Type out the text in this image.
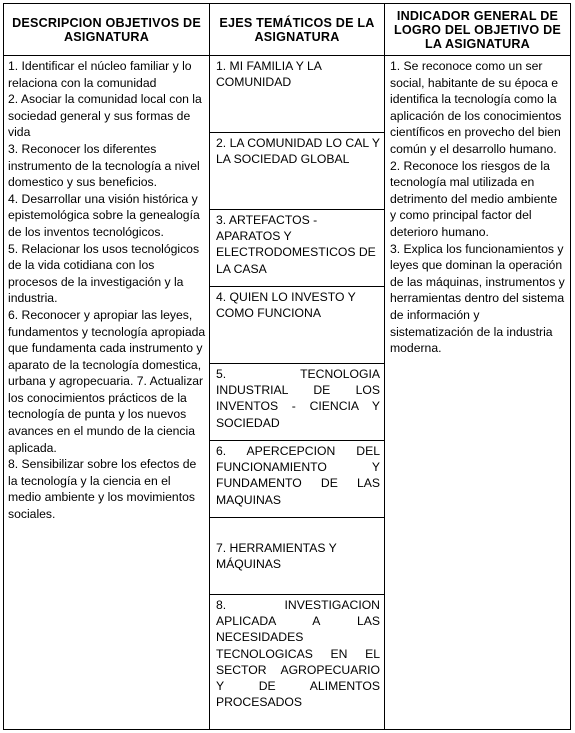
DESCRIPCION OBJETIVOS DE ASIGNATURA

1. Identificar el núcleo familiar y lo relaciona con la comunidad

2. Asociar la comunidad local con la sociedad general y sus formas de vida

3. Reconocer los diferentes instrumento de la tecnología a nivel domestico y sus beneficios.

4. Desarrollar una visión histórica y epistemológica sobre la genealogía de los inventos tecnológicos.

5. Relacionar los usos tecnológicos de la vida cotidiana con los procesos de la investigación y la industria.

6. Reconocer y apropiar las leyes, fundamentos y tecnología apropiada que fundamenta cada instrumento y aparato de la tecnología domestica, urbana y agropecuaria. 7. Actualizar los conocimientos prácticos de la tecnología de punta y los nuevos avances en el mundo de la ciencia aplicada.

8. Sensibilizar sobre los efectos de la tecnología y la ciencia en el medio ambiente y los movimientos sociales.

EJES TEMÁTICOS DE LA ASIGNATURA
1. MI FAMILIA Y LA COMUNIDAD
2. LA COMUNIDAD LO CAL Y LA SOCIEDAD GLOBAL
3. ARTEFACTOS - APARATOS Y ELECTRODOMESTICOS DE LA CASA
4. QUIEN LO INVESTO Y COMO FUNCIONA
5. TECNOLOGIA INDUSTRIAL DE LOS INVENTOS - CIENCIA Y SOCIEDAD
6. APERCEPCION DEL FUNCIONAMIENTO Y FUNDAMENTO DE LAS MAQUINAS
7. HERRAMIENTAS Y MÁQUINAS
8. INVESTIGACION APLICADA A LAS NECESIDADES TECNOLOGICAS EN EL SECTOR AGROPECUARIO Y DE ALIMENTOS PROCESADOS
INDICADOR GENERAL DE LOGRO DEL OBJETIVO DE LA ASIGNATURA

1. Se reconoce como un ser social, habitante de su época e identifica la tecnología como la aplicación de los conocimientos científicos en provecho del bien común y el desarrollo humano. 2. Reconoce los riesgos de la tecnología mal utilizada en detrimento del medio ambiente y como principal factor del deterioro humano.

3. Explica los funcionamientos y leyes que dominan la operación de las máquinas, instrumentos y herramientas dentro del sistema de información y sistematización de la industria moderna.
